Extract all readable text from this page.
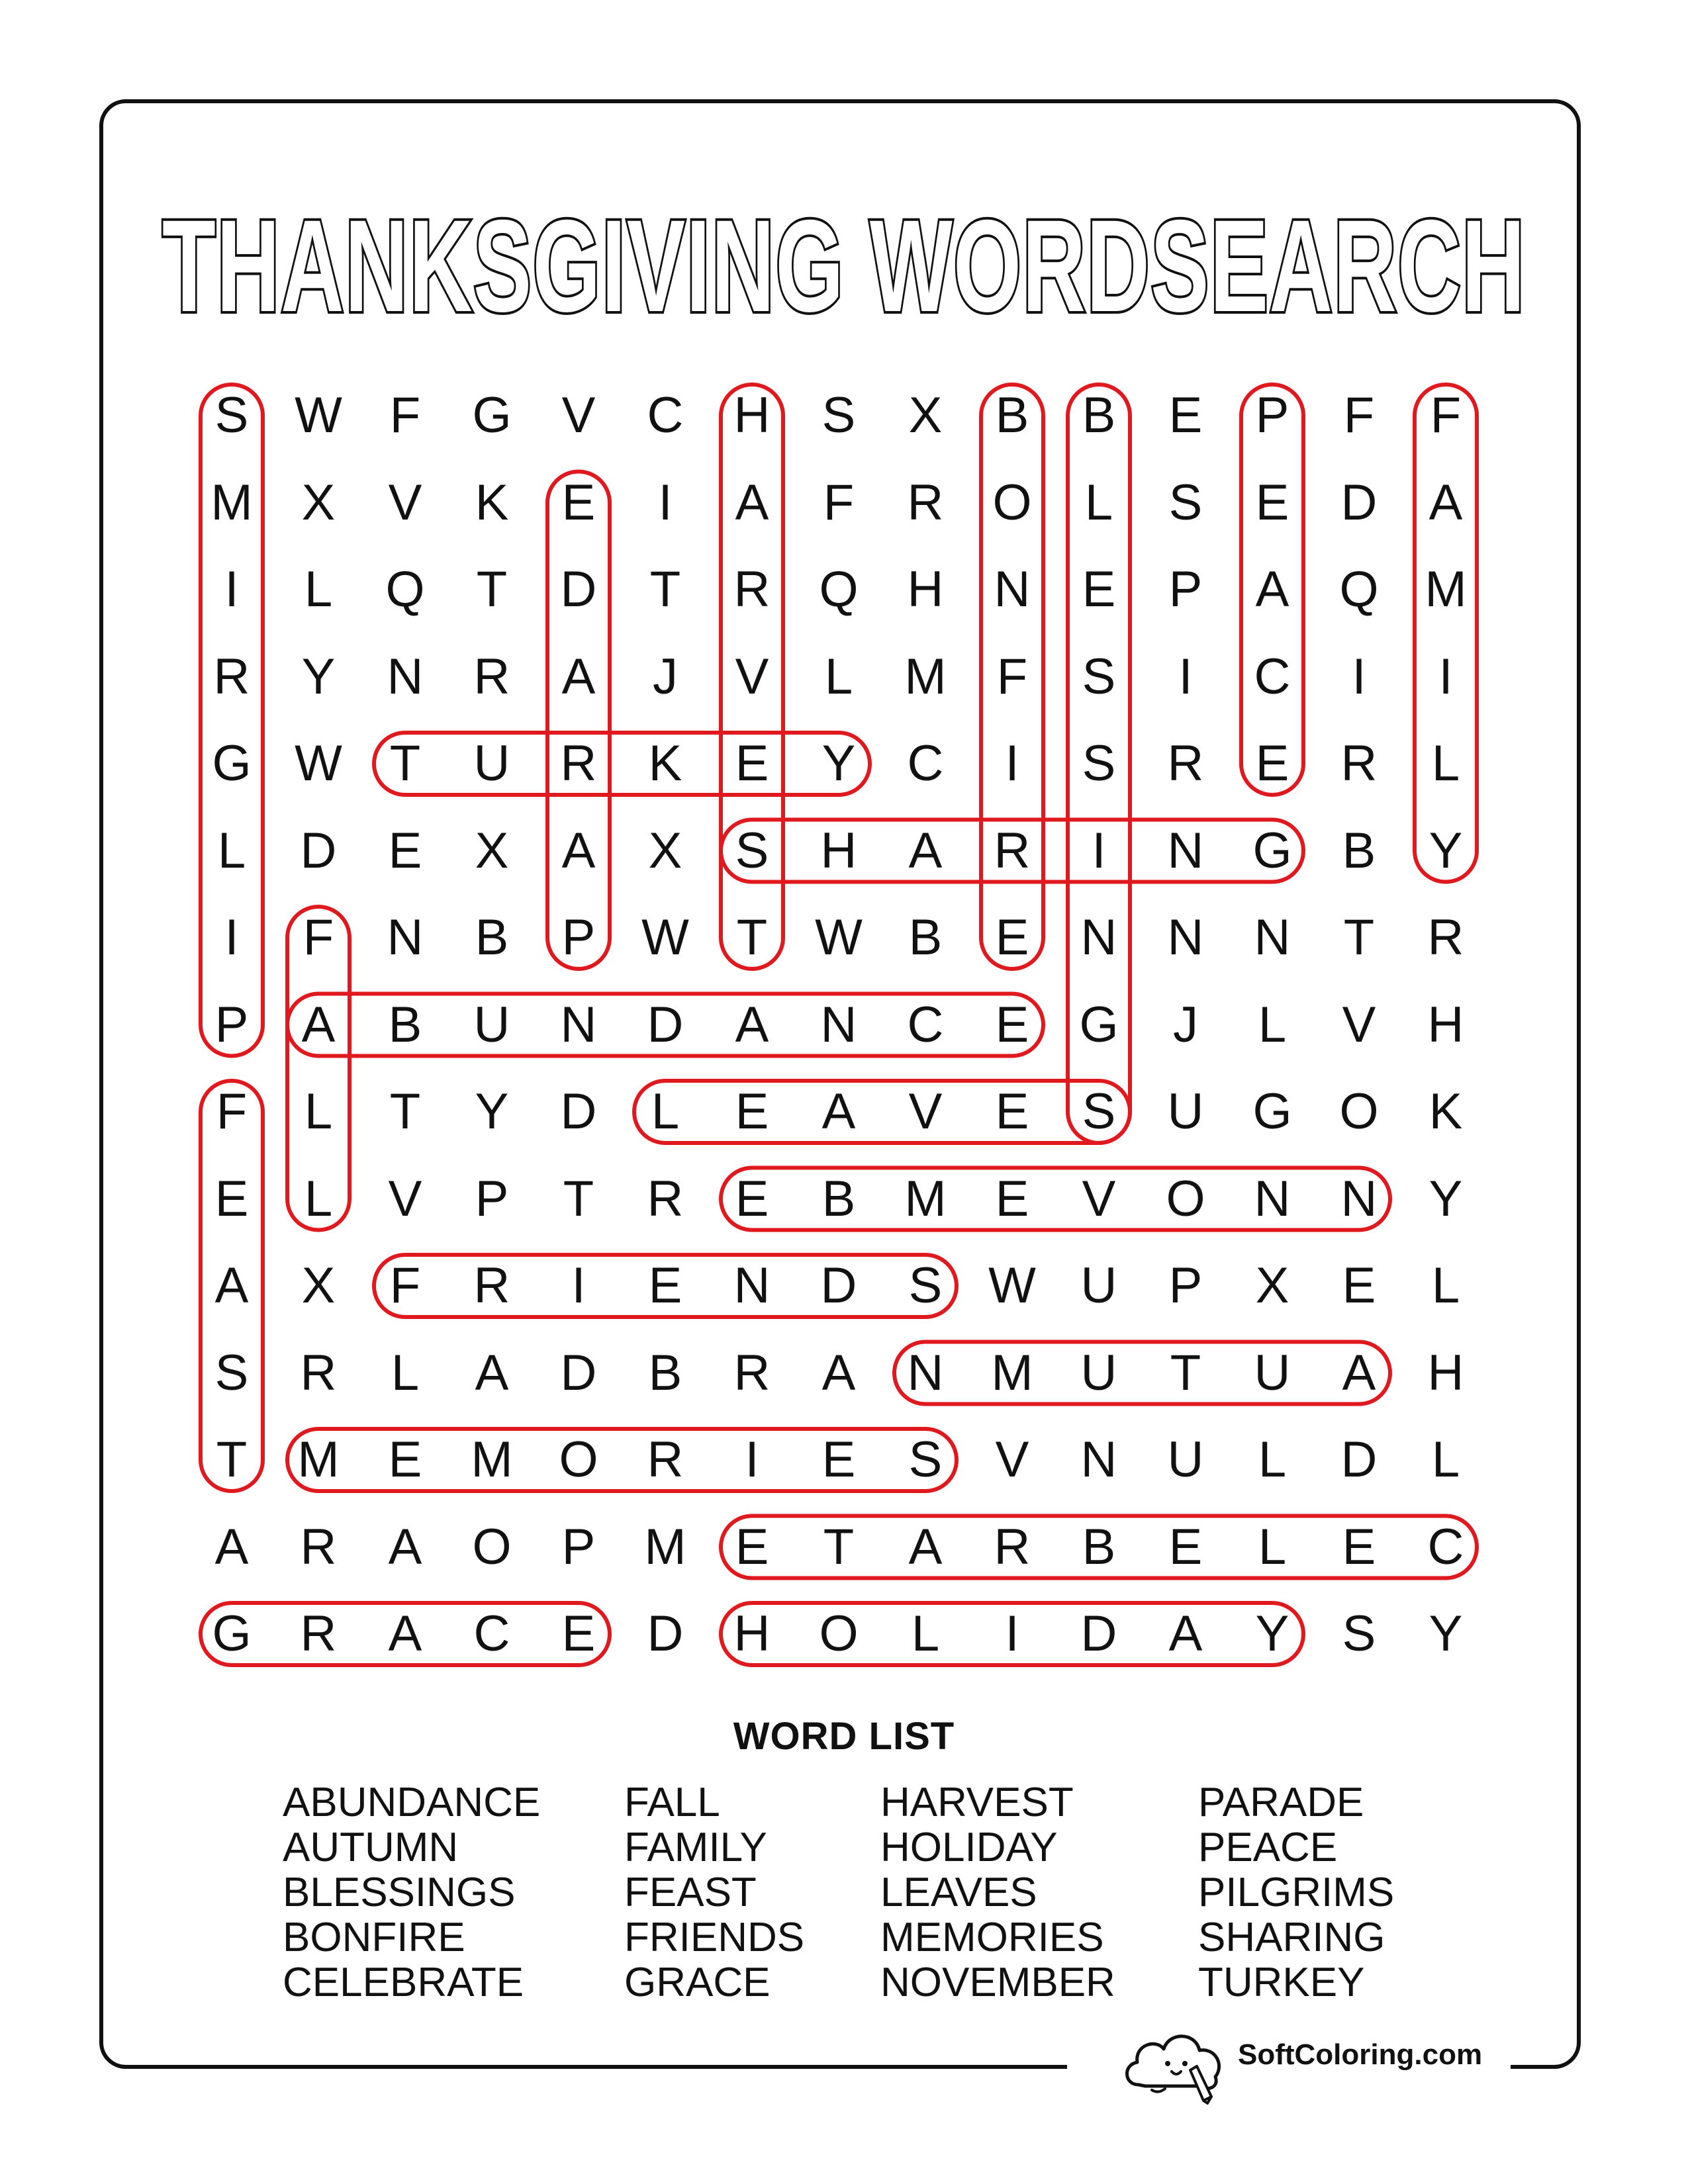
THANKSGIVING WORDSEARCH
S W F	G	V	C H	S	X	B	B	E	P	F	F
M X	V	K	E	I	A	F	R O	L	S	E	D	A
I	L	Q	T	D	T	R Q H N	E	P	A	Q M
R	Y	N R	A	J	V	L	M	F	S	I	C	I	I
G W T	U R	K	E	Y	C	I	S	R	E	R	L
L	D	E	X	A	X	S	H	A	R	I	N G	B	Y
I	F	N	B	P W T W B	E	N N N	T	R
P	A	B	U N D	A	N C	E	G	J	L	V	H
F	L	T	Y	D	L	E	A	V	E	S	U G O	K
E	L	V	P	T	R	E	B M E	V	O N N	Y
A	X	F	R	I	E	N D	S W U	P	X	E	L
S	R	L	A	D	B	R	A	N M U	T	U	A	H
T	M E M O R	I	E	S	V	N U	L	D	L
A	R	A	O	P M E	T	A	R	B	E	L	E	C
G R	A	C	E	D H O	L	I	D	A	Y	S	Y
WORD LIST
ABUNDANCE
AUTUMN
BLESSINGS
BONFIRE
CELEBRATE
FALL
FAMILY
FEAST
FRIENDS
GRACE
HARVEST
HOLIDAY
LEAVES
MEMORIES
NOVEMBER
PARADE
PEACE
PILGRIMS
SHARING
TURKEY
SoftColoring.com
